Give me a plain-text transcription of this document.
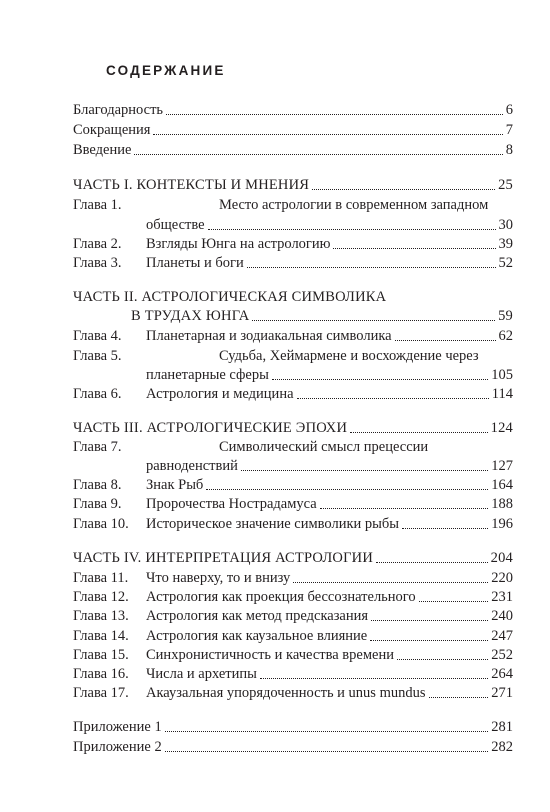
СОДЕРЖАНИЕ
Благодарность	6
Сокращения	7
Введение	8
ЧАСТЬ I. КОНТЕКСТЫ И МНЕНИЯ	25
Глава 1.	Место астрологии в современном западном
обществе	30
Глава 2.	Взгляды Юнга на астрологию	39
Глава 3.	Планеты и боги	52
ЧАСТЬ II. АСТРОЛОГИЧЕСКАЯ СИМВОЛИКА
В ТРУДАХ ЮНГА	59
Глава 4.	Планетарная и зодиакальная символика	62
Глава 5.	Судьба, Хеймармене и восхождение через
планетарные сферы	105
Глава 6.	Астрология и медицина	114
ЧАСТЬ III. АСТРОЛОГИЧЕСКИЕ ЭПОХИ	124
Глава 7.	Символический смысл прецессии
равноденствий	127
Глава 8.	Знак Рыб	164
Глава 9.	Пророчества Нострадамуса	188
Глава 10.	Историческое значение символики рыбы	196
ЧАСТЬ IV. ИНТЕРПРЕТАЦИЯ АСТРОЛОГИИ	204
Глава 11.	Что наверху, то и внизу	220
Глава 12.	Астрология как проекция бессознательного	231
Глава 13.	Астрология как метод предсказания	240
Глава 14.	Астрология как каузальное влияние	247
Глава 15.	Синхронистичность и качества времени	252
Глава 16.	Числа и архетипы	264
Глава 17.	Акаузальная упорядоченность и unus mundus	271
Приложение 1	281
Приложение 2	282
